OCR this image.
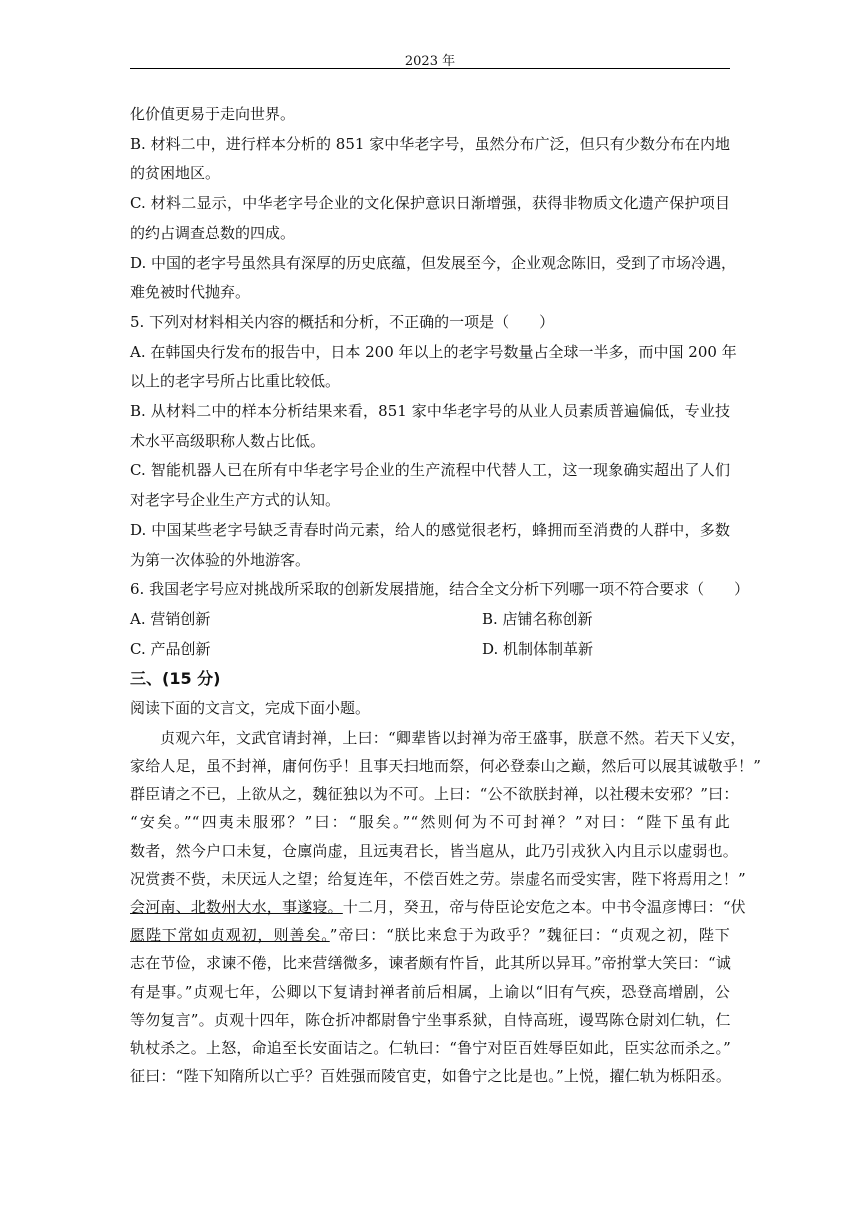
2023 年

化价值更易于走向世界。

B. 材料二中，进行样本分析的 851 家中华老字号，虽然分布广泛，但只有少数分布在内地

的贫困地区。

C. 材料二显示，中华老字号企业的文化保护意识日渐增强，获得非物质文化遗产保护项目

的约占调查总数的四成。

D. 中国的老字号虽然具有深厚的历史底蕴，但发展至今，企业观念陈旧，受到了市场冷遇，

难免被时代抛弃。

5. 下列对材料相关内容的概括和分析，不正确的一项是（　　）

A. 在韩国央行发布的报告中，日本 200 年以上的老字号数量占全球一半多，而中国 200 年

以上的老字号所占比重比较低。

B. 从材料二中的样本分析结果来看，851 家中华老字号的从业人员素质普遍偏低，专业技

术水平高级职称人数占比低。

C. 智能机器人已在所有中华老字号企业的生产流程中代替人工，这一现象确实超出了人们

对老字号企业生产方式的认知。

D. 中国某些老字号缺乏青春时尚元素，给人的感觉很老朽，蜂拥而至消费的人群中，多数

为第一次体验的外地游客。

6. 我国老字号应对挑战所采取的创新发展措施，结合全文分析下列哪一项不符合要求（　　）

A. 营销创新	B. 店铺名称创新
C. 产品创新	D. 机制体制革新

三、(15 分)

阅读下面的文言文，完成下面小题。

贞观六年，文武官请封禅，上曰：“卿辈皆以封禅为帝王盛事，朕意不然。若天下乂安，

家给人足，虽不封禅，庸何伤乎！且事天扫地而祭，何必登泰山之巅，然后可以展其诚敬乎！”

群臣请之不已，上欲从之，魏征独以为不可。上曰：“公不欲朕封禅，以社稷未安邪？”曰：

“安矣。”“四夷未服邪？”曰：“服矣。”“然则何为不可封禅？”对曰：“陛下虽有此

数者，然今户口未复，仓廪尚虚，且远夷君长，皆当扈从，此乃引戎狄入内且示以虚弱也。

况赏赉不赀，未厌远人之望；给复连年，不偿百姓之劳。崇虚名而受实害，陛下将焉用之！”

会河南、北数州大水，事遂寝。十二月，癸丑，帝与侍臣论安危之本。中书令温彦博曰：“伏

愿陛下常如贞观初，则善矣。”帝曰：“朕比来怠于为政乎？”魏征曰：“贞观之初，陛下

志在节俭，求谏不倦，比来营缮微多，谏者颇有忤旨，此其所以异耳。”帝拊掌大笑曰：“诚

有是事。”贞观七年，公卿以下复请封禅者前后相属，上谕以“旧有气疾，恐登高增剧，公

等勿复言”。贞观十四年，陈仓折冲都尉鲁宁坐事系狱，自恃高班，谩骂陈仓尉刘仁轨，仁

轨杖杀之。上怒，命追至长安面诘之。仁轨曰：“鲁宁对臣百姓辱臣如此，臣实忿而杀之。”

征曰：“陛下知隋所以亡乎？百姓强而陵官吏，如鲁宁之比是也。”上悦，擢仁轨为栎阳丞。
